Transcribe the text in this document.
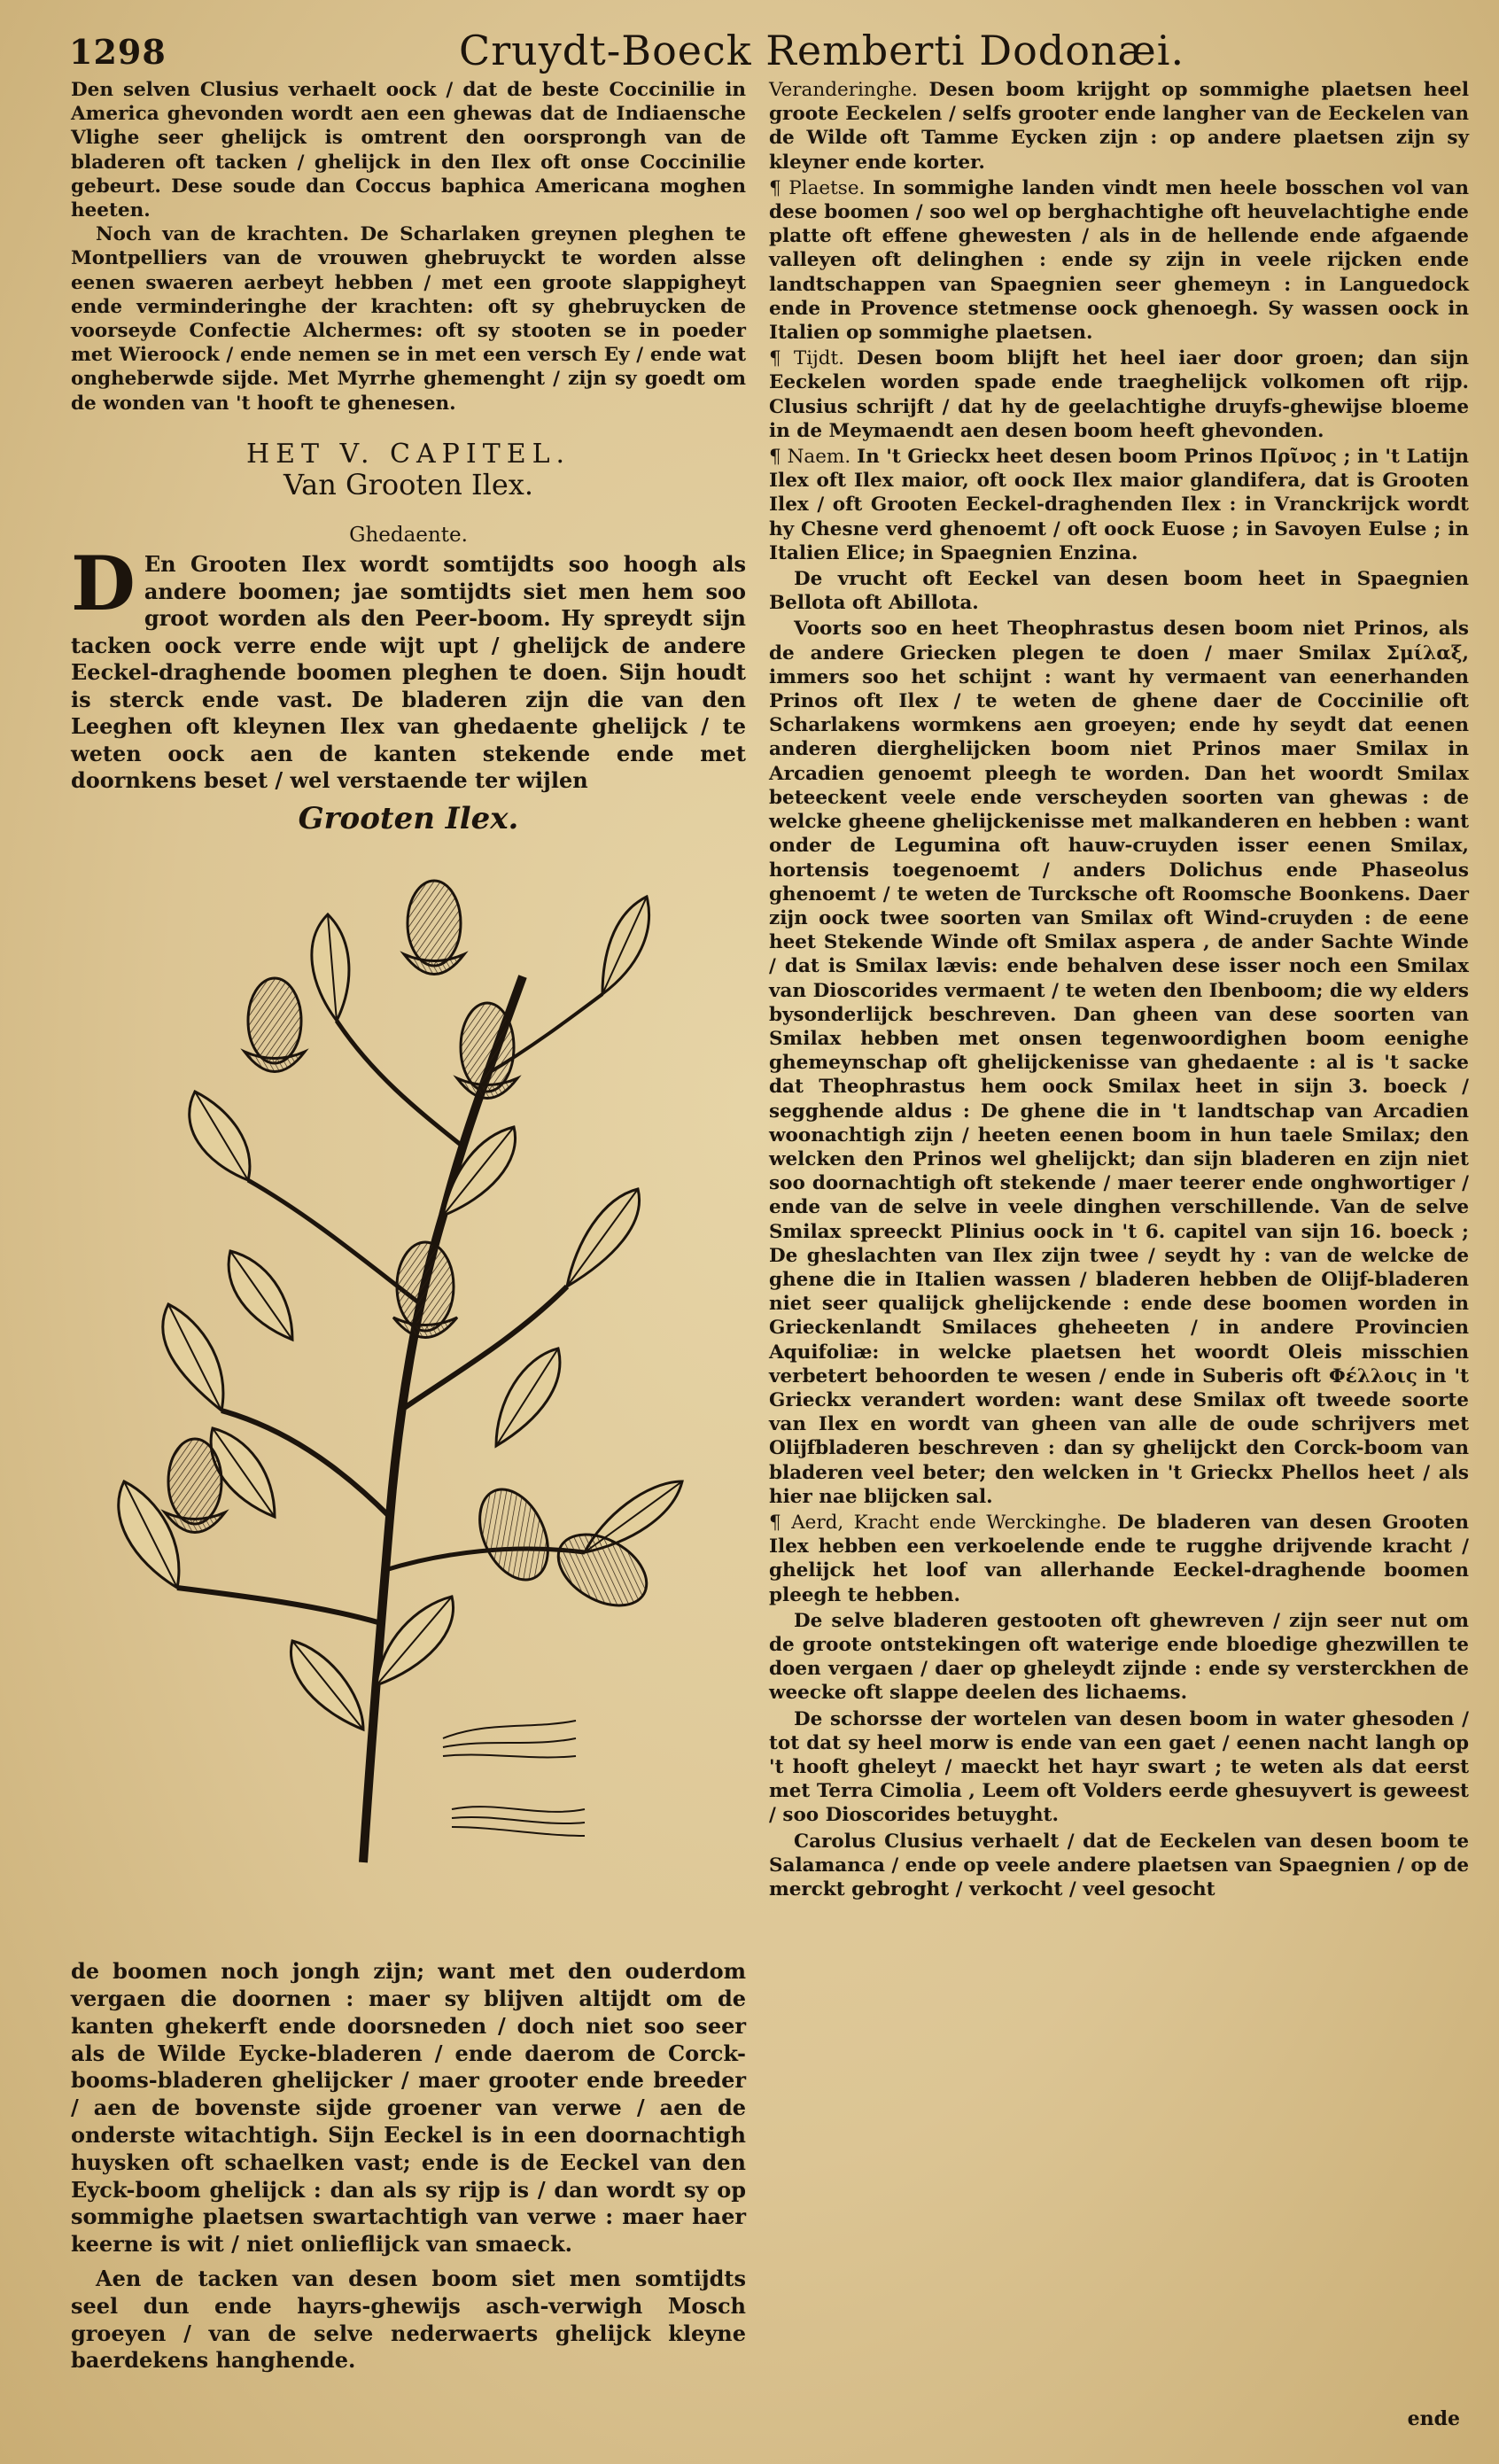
1298	Cruydt-Boeck Remberti Dodonæi.

Den selven Clusius verhaelt oock / dat de beste Coccinilie in America ghevonden wordt aen een ghewas dat de Indiaensche Vlighe seer ghelijck is omtrent den oorsprongh van de bladeren oft tacken / ghelijck in den Ilex oft onse Coccinilie gebeurt. Dese soude dan Coccus baphica Americana moghen heeten.

Noch van de krachten. De Scharlaken greynen pleghen te Montpelliers van de vrouwen ghebruyckt te worden alsse eenen swaeren aerbeyt hebben / met een groote slappigheyt ende verminderinghe der krachten: oft sy ghebruycken de voorseyde Confectie Alchermes: oft sy stooten se in poeder met Wieroock / ende nemen se in met een versch Ey / ende wat ongheberwde sijde. Met Myrrhe ghemenght / zijn sy goedt om de wonden van 't hooft te ghenesen.

HET V. CAPITEL.

Van Grooten Ilex.

Ghedaente.

D En Grooten Ilex wordt somtijdts soo hoogh als andere boomen; jae somtijdts siet men hem soo groot worden als den Peer-boom. Hy spreydt sijn tacken oock verre ende wijt upt / ghelijck de andere Eeckel-draghende boomen pleghen te doen. Sijn houdt is sterck ende vast. De bladeren zijn die van den Leeghen oft kleynen Ilex van ghedaente ghelijck / te weten oock aen de kanten stekende ende met doornkens beset / wel verstaende ter wijlen

Grooten Ilex.

de boomen noch jongh zijn; want met den ouderdom vergaen die doornen : maer sy blijven altijdt om de kanten ghekerft ende doorsneden / doch niet soo seer als de Wilde Eycke-bladeren / ende daerom de Corck-booms-bladeren ghelijcker / maer grooter ende breeder / aen de bovenste sijde groener van verwe / aen de onderste witachtigh. Sijn Eeckel is in een doornachtigh huysken oft schaelken vast; ende is de Eeckel van den Eyck-boom ghelijck : dan als sy rijp is / dan wordt sy op sommighe plaetsen swartachtigh van verwe : maer haer keerne is wit / niet onlieflijck van smaeck.

Aen de tacken van desen boom siet men somtijdts seel dun ende hayrs-ghewijs asch-verwigh Mosch groeyen / van de selve nederwaerts ghelijck kleyne baerdekens hanghende.

Veranderinghe. Desen boom krijght op sommighe plaetsen heel groote Eeckelen / selfs grooter ende langher van de Eeckelen van de Wilde oft Tamme Eycken zijn : op andere plaetsen zijn sy kleyner ende korter.

¶ Plaetse. In sommighe landen vindt men heele bosschen vol van dese boomen / soo wel op berghachtighe oft heuvelachtighe ende platte oft effene ghewesten / als in de hellende ende afgaende valleyen oft delinghen : ende sy zijn in veele rijcken ende landtschappen van Spaegnien seer ghemeyn : in Languedock ende in Provence stetmense oock ghenoegh. Sy wassen oock in Italien op sommighe plaetsen.

¶ Tijdt. Desen boom blijft het heel iaer door groen; dan sijn Eeckelen worden spade ende traeghelijck volkomen oft rijp. Clusius schrijft / dat hy de geelachtighe druyfs-ghewijse bloeme in de Meymaendt aen desen boom heeft ghevonden.

¶ Naem. In 't Grieckx heet desen boom Prinos Πρῖνος ; in 't Latijn Ilex oft Ilex maior, oft oock Ilex maior glandifera, dat is Grooten Ilex / oft Grooten Eeckel-draghenden Ilex : in Vranckrijck wordt hy Chesne verd ghenoemt / oft oock Euose ; in Savoyen Eulse ; in Italien Elice; in Spaegnien Enzina.

De vrucht oft Eeckel van desen boom heet in Spaegnien Bellota oft Abillota.

Voorts soo en heet Theophrastus desen boom niet Prinos, als de andere Griecken plegen te doen / maer Smilax Σμίλαξ, immers soo het schijnt : want hy vermaent van eenerhanden Prinos oft Ilex / te weten de ghene daer de Coccinilie oft Scharlakens wormkens aen groeyen; ende hy seydt dat eenen anderen dierghelijcken boom niet Prinos maer Smilax in Arcadien genoemt pleegh te worden. Dan het woordt Smilax beteeckent veele ende verscheyden soorten van ghewas : de welcke gheene ghelijckenisse met malkanderen en hebben : want onder de Legumina oft hauw-cruyden isser eenen Smilax, hortensis toegenoemt / anders Dolichus ende Phaseolus ghenoemt / te weten de Turcksche oft Roomsche Boonkens. Daer zijn oock twee soorten van Smilax oft Wind-cruyden : de eene heet Stekende Winde oft Smilax aspera , de ander Sachte Winde / dat is Smilax lævis: ende behalven dese isser noch een Smilax van Dioscorides vermaent / te weten den Ibenboom; die wy elders bysonderlijck beschreven. Dan gheen van dese soorten van Smilax hebben met onsen tegenwoordighen boom eenighe ghemeynschap oft ghelijckenisse van ghedaente : al is 't sacke dat Theophrastus hem oock Smilax heet in sijn 3. boeck / segghende aldus : De ghene die in 't landtschap van Arcadien woonachtigh zijn / heeten eenen boom in hun taele Smilax; den welcken den Prinos wel ghelijckt; dan sijn bladeren en zijn niet soo doornachtigh oft stekende / maer teerer ende onghwortiger / ende van de selve in veele dinghen verschillende. Van de selve Smilax spreeckt Plinius oock in 't 6. capitel van sijn 16. boeck ; De gheslachten van Ilex zijn twee / seydt hy : van de welcke de ghene die in Italien wassen / bladeren hebben de Olijf-bladeren niet seer qualijck ghelijckende : ende dese boomen worden in Grieckenlandt Smilaces gheheeten / in andere Provincien Aquifoliæ: in welcke plaetsen het woordt Oleis misschien verbetert behoorden te wesen / ende in Suberis oft Φέλλοις in 't Grieckx verandert worden: want dese Smilax oft tweede soorte van Ilex en wordt van gheen van alle de oude schrijvers met Olijfbladeren beschreven : dan sy ghelijckt den Corck-boom van bladeren veel beter; den welcken in 't Grieckx Phellos heet / als hier nae blijcken sal.

¶ Aerd, Kracht ende Werckinghe. De bladeren van desen Grooten Ilex hebben een verkoelende ende te rugghe drijvende kracht / ghelijck het loof van allerhande Eeckel-draghende boomen pleegh te hebben.

De selve bladeren gestooten oft ghewreven / zijn seer nut om de groote ontstekingen oft waterige ende bloedige ghezwillen te doen vergaen / daer op gheleydt zijnde : ende sy versterckhen de weecke oft slappe deelen des lichaems.

De schorsse der wortelen van desen boom in water ghesoden / tot dat sy heel morw is ende van een gaet / eenen nacht langh op 't hooft gheleyt / maeckt het hayr swart ; te weten als dat eerst met Terra Cimolia , Leem oft Volders eerde ghesuyvert is geweest / soo Dioscorides betuyght.

Carolus Clusius verhaelt / dat de Eeckelen van desen boom te Salamanca / ende op veele andere plaetsen van Spaegnien / op de merckt gebroght / verkocht / veel gesocht

ende
